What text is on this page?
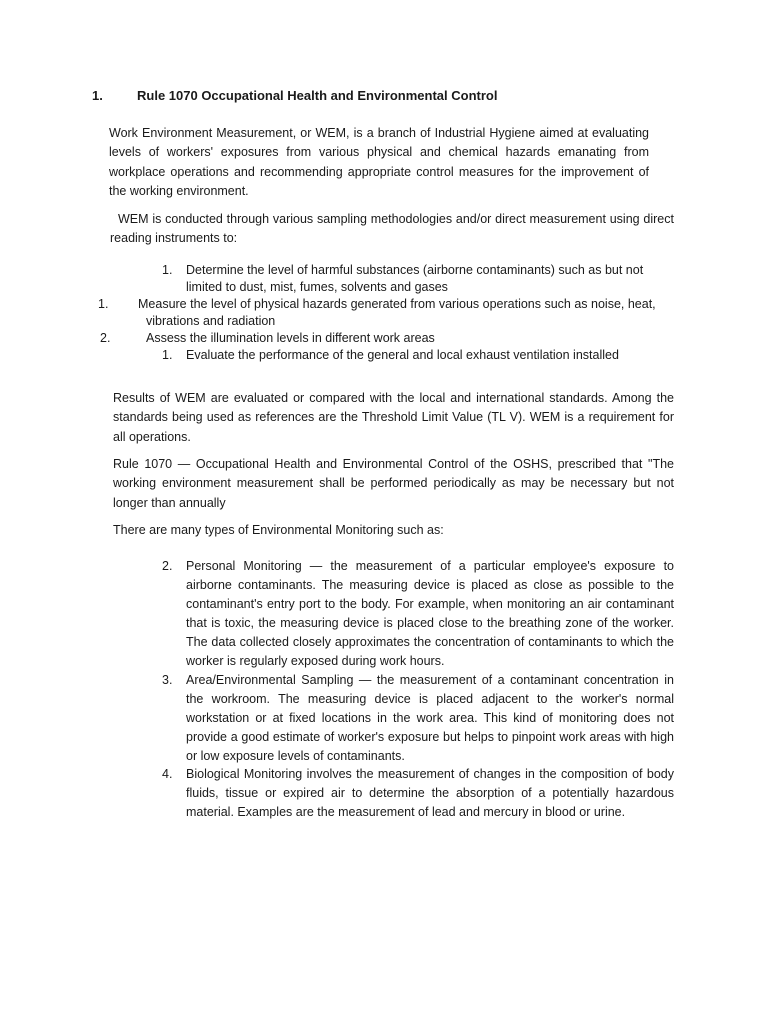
1.	Rule 1070 Occupational Health and Environmental Control

Work Environment Measurement, or WEM, is a branch of Industrial Hygiene aimed at evaluating levels of workers' exposures from various physical and chemical hazards emanating from workplace operations and recommending appropriate control measures for the improvement of the working environment.

WEM is conducted through various sampling methodologies and/or direct measurement using direct reading instruments to:

1. Determine the level of harmful substances (airborne contaminants) such as but not limited to dust, mist, fumes, solvents and gases
1. Measure the level of physical hazards generated from various operations such as noise, heat,
vibrations and radiation
2.	Assess the illumination levels in different work areas
1. Evaluate the performance of the general and local exhaust ventilation installed

Results of WEM are evaluated or compared with the local and international standards. Among the standards being used as references are the Threshold Limit Value (TL V). WEM is a requirement for all operations.

Rule 1070 — Occupational Health and Environmental Control of the OSHS, prescribed that "The working environment measurement shall be performed periodically as may be necessary but not longer than annually

There are many types of Environmental Monitoring such as:

2. Personal Monitoring — the measurement of a particular employee's exposure to airborne contaminants. The measuring device is placed as close as possible to the contaminant's entry port to the body. For example, when monitoring an air contaminant that is toxic, the measuring device is placed close to the breathing zone of the worker. The data collected closely approximates the concentration of contaminants to which the worker is regularly exposed during work hours.
3. Area/Environmental Sampling — the measurement of a contaminant concentration in the workroom. The measuring device is placed adjacent to the worker's normal workstation or at fixed locations in the work area. This kind of monitoring does not provide a good estimate of worker's exposure but helps to pinpoint work areas with high or low exposure levels of contaminants.
4. Biological Monitoring involves the measurement of changes in the composition of body fluids, tissue or expired air to determine the absorption of a potentially hazardous material. Examples are the measurement of lead and mercury in blood or urine.
